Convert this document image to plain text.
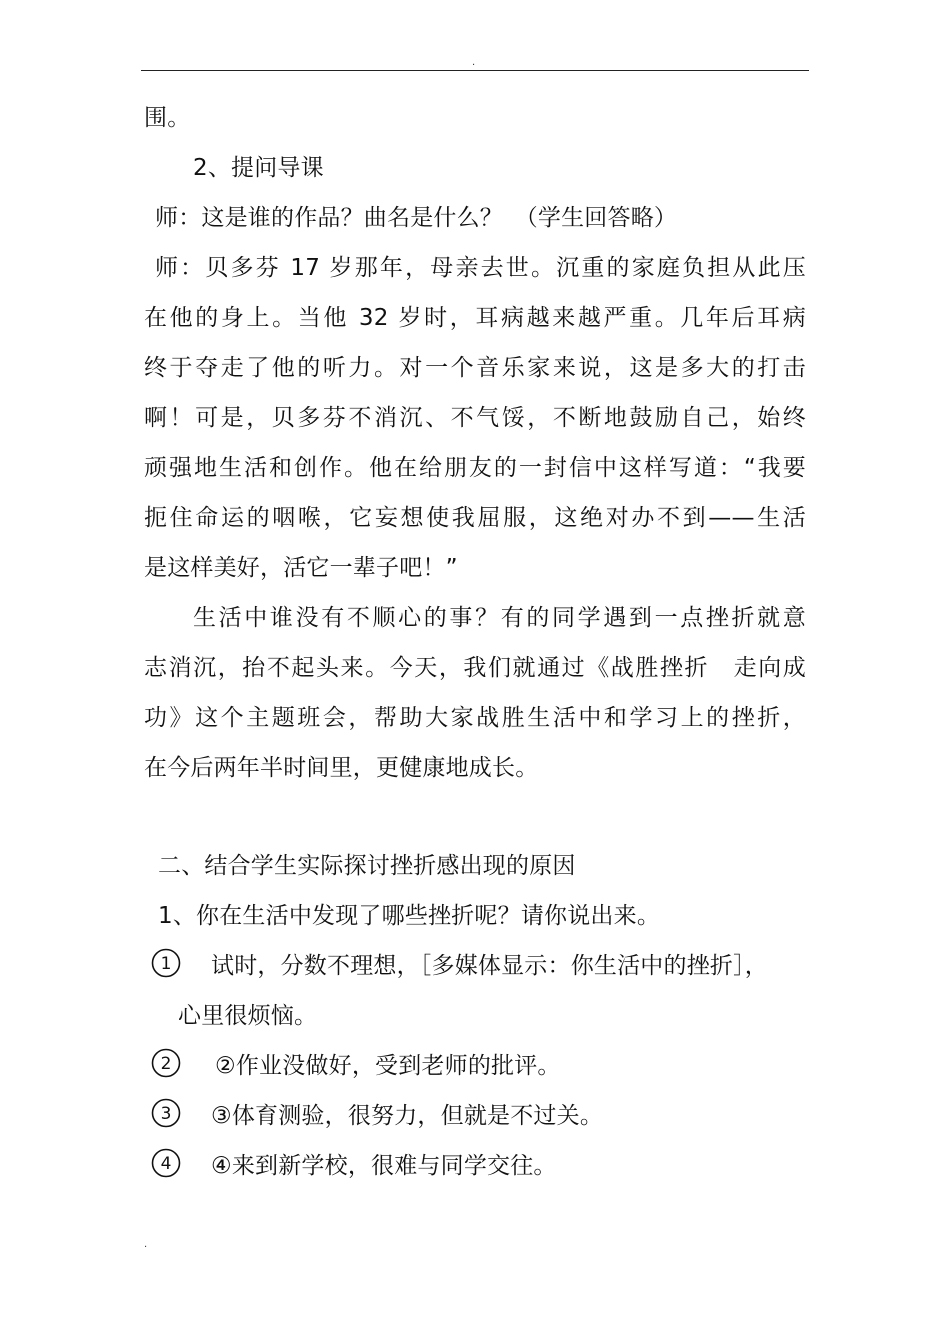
.
围。
2、提问导课
师：这是谁的作品？曲名是什么？　（学生回答略）
师：贝多芬 17 岁那年，母亲去世。沉重的家庭负担从此压
在他的身上。当他 32 岁时，耳病越来越严重。几年后耳病
终于夺走了他的听力。对一个音乐家来说，这是多大的打击
啊！可是，贝多芬不消沉、不气馁，不断地鼓励自己，始终
顽强地生活和创作。他在给朋友的一封信中这样写道：“我要
扼住命运的咽喉，它妄想使我屈服，这绝对办不到——生活
是这样美好，活它一辈子吧！”
生活中谁没有不顺心的事？有的同学遇到一点挫折就意
志消沉，抬不起头来。今天，我们就通过《战胜挫折　走向成
功》这个主题班会，帮助大家战胜生活中和学习上的挫折，
在今后两年半时间里，更健康地成长。
二、结合学生实际探讨挫折感出现的原因
1、你在生活中发现了哪些挫折呢？请你说出来。
1 试时，分数不理想，［多媒体显示：你生活中的挫折］，
心里很烦恼。
2 ②作业没做好，受到老师的批评。
3 ③体育测验，很努力，但就是不过关。
4 ④来到新学校，很难与同学交往。
.
